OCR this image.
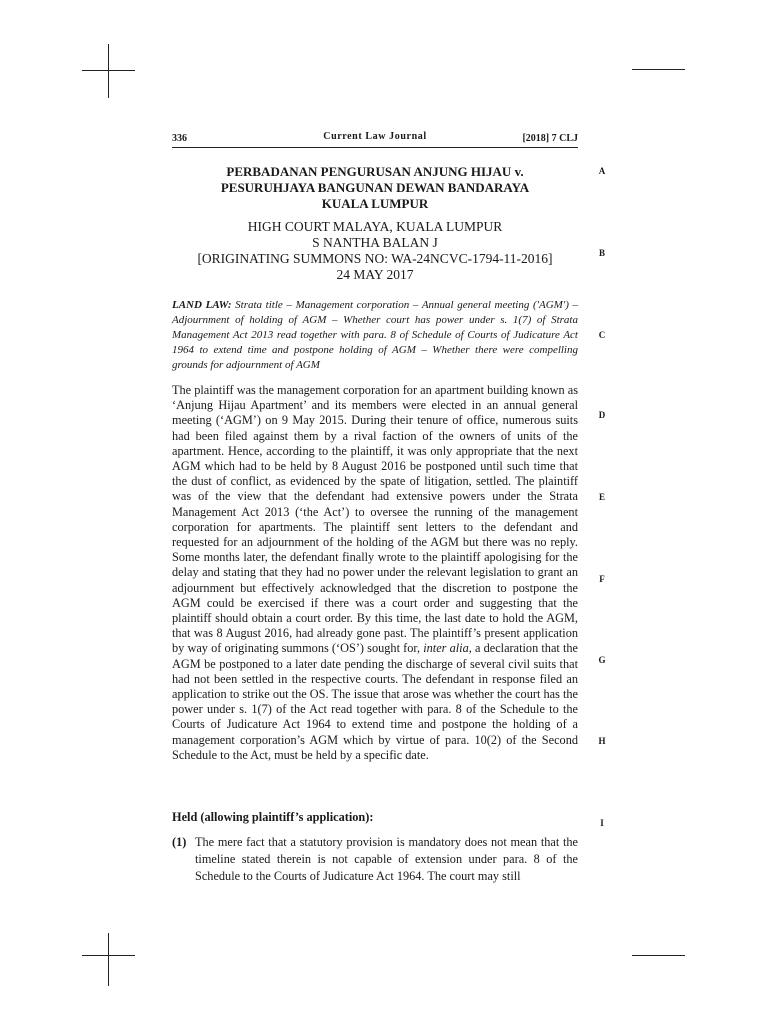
336	Current Law Journal	[2018] 7 CLJ
PERBADANAN PENGURUSAN ANJUNG HIJAU v.
PESURUHJAYA BANGUNAN DEWAN BANDARAYA
KUALA LUMPUR
HIGH COURT MALAYA, KUALA LUMPUR
S NANTHA BALAN J
[ORIGINATING SUMMONS NO: WA-24NCVC-1794-11-2016]
24 MAY 2017
LAND LAW: Strata title – Management corporation – Annual general meeting ('AGM') – Adjournment of holding of AGM – Whether court has power under s. 1(7) of Strata Management Act 2013 read together with para. 8 of Schedule of Courts of Judicature Act 1964 to extend time and postpone holding of AGM – Whether there were compelling grounds for adjournment of AGM
The plaintiff was the management corporation for an apartment building known as ‘Anjung Hijau Apartment’ and its members were elected in an annual general meeting (‘AGM’) on 9 May 2015. During their tenure of office, numerous suits had been filed against them by a rival faction of the owners of units of the apartment. Hence, according to the plaintiff, it was only appropriate that the next AGM which had to be held by 8 August 2016 be postponed until such time that the dust of conflict, as evidenced by the spate of litigation, settled. The plaintiff was of the view that the defendant had extensive powers under the Strata Management Act 2013 (‘the Act’) to oversee the running of the management corporation for apartments. The plaintiff sent letters to the defendant and requested for an adjournment of the holding of the AGM but there was no reply. Some months later, the defendant finally wrote to the plaintiff apologising for the delay and stating that they had no power under the relevant legislation to grant an adjournment but effectively acknowledged that the discretion to postpone the AGM could be exercised if there was a court order and suggesting that the plaintiff should obtain a court order. By this time, the last date to hold the AGM, that was 8 August 2016, had already gone past. The plaintiff’s present application by way of originating summons (‘OS’) sought for, inter alia, a declaration that the AGM be postponed to a later date pending the discharge of several civil suits that had not been settled in the respective courts. The defendant in response filed an application to strike out the OS. The issue that arose was whether the court has the power under s. 1(7) of the Act read together with para. 8 of the Schedule to the Courts of Judicature Act 1964 to extend time and postpone the holding of a management corporation’s AGM which by virtue of para. 10(2) of the Second Schedule to the Act, must be held by a specific date.
Held (allowing plaintiff’s application):
(1) The mere fact that a statutory provision is mandatory does not mean that the timeline stated therein is not capable of extension under para. 8 of the Schedule to the Courts of Judicature Act 1964. The court may still
A
B
C
D
E
F
G
H
I
